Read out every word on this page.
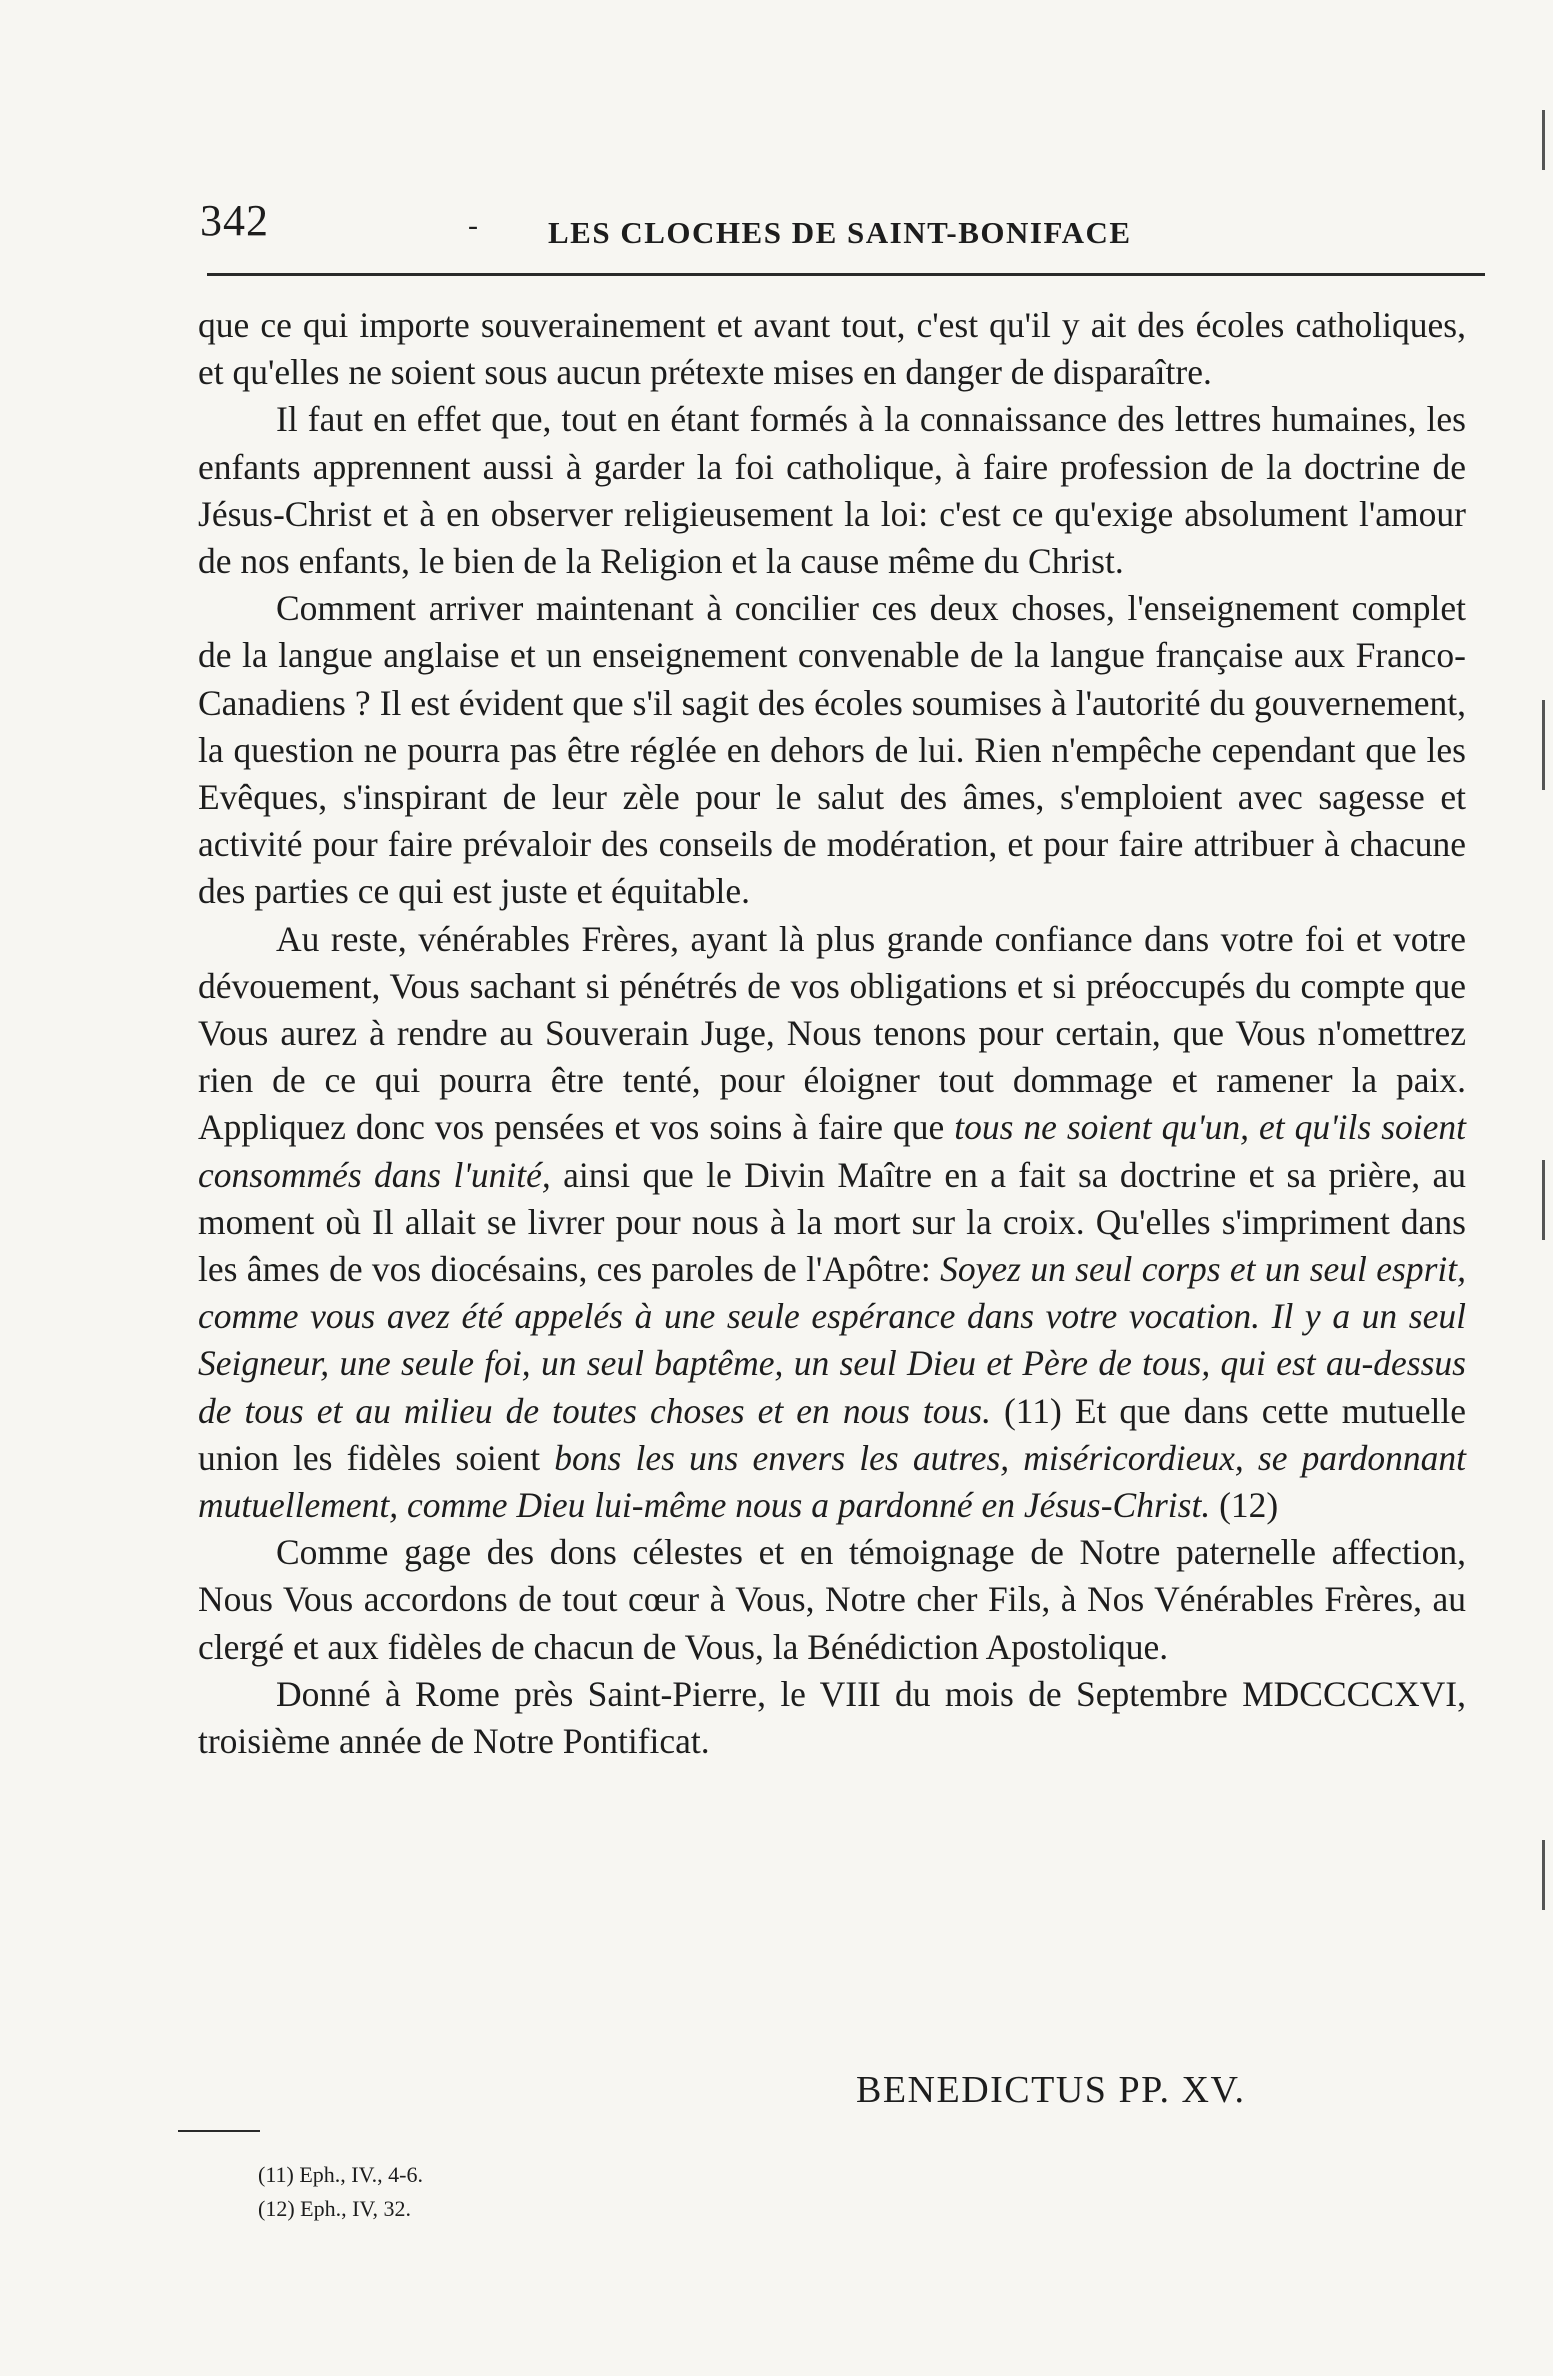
342	- LES CLOCHES DE SAINT-BONIFACE

que ce qui importe souverainement et avant tout, c'est qu'il y ait des écoles catholiques, et qu'elles ne soient sous aucun prétexte mises en danger de disparaître.

Il faut en effet que, tout en étant formés à la connaissance des lettres humaines, les enfants apprennent aussi à garder la foi catholique, à faire profession de la doctrine de Jésus-Christ et à en observer religieusement la loi: c'est ce qu'exige absolument l'amour de nos enfants, le bien de la Religion et la cause même du Christ.

Comment arriver maintenant à concilier ces deux choses, l'enseignement complet de la langue anglaise et un enseignement convenable de la langue française aux Franco-Canadiens ? Il est évident que s'il sagit des écoles soumises à l'autorité du gouvernement, la question ne pourra pas être réglée en dehors de lui. Rien n'empêche cependant que les Evêques, s'inspirant de leur zèle pour le salut des âmes, s'emploient avec sagesse et activité pour faire prévaloir des conseils de modération, et pour faire attribuer à chacune des parties ce qui est juste et équitable.

Au reste, vénérables Frères, ayant là plus grande confiance dans votre foi et votre dévouement, Vous sachant si pénétrés de vos obligations et si préoccupés du compte que Vous aurez à rendre au Souverain Juge, Nous tenons pour certain, que Vous n'omettrez rien de ce qui pourra être tenté, pour éloigner tout dommage et ramener la paix. Appliquez donc vos pensées et vos soins à faire que tous ne soient qu'un, et qu'ils soient consommés dans l'unité, ainsi que le Divin Maître en a fait sa doctrine et sa prière, au moment où Il allait se livrer pour nous à la mort sur la croix. Qu'elles s'impriment dans les âmes de vos diocésains, ces paroles de l'Apôtre: Soyez un seul corps et un seul esprit, comme vous avez été appelés à une seule espérance dans votre vocation. Il y a un seul Seigneur, une seule foi, un seul baptême, un seul Dieu et Père de tous, qui est au-dessus de tous et au milieu de toutes choses et en nous tous. (11) Et que dans cette mutuelle union les fidèles soient bons les uns envers les autres, miséricordieux, se pardonnant mutuellement, comme Dieu lui-même nous a pardonné en Jésus-Christ. (12)

Comme gage des dons célestes et en témoignage de Notre paternelle affection, Nous Vous accordons de tout cœur à Vous, Notre cher Fils, à Nos Vénérables Frères, au clergé et aux fidèles de chacun de Vous, la Bénédiction Apostolique.

Donné à Rome près Saint-Pierre, le VIII du mois de Septembre MDCCCCXVI, troisième année de Notre Pontificat.

BENEDICTUS PP. XV.
(11) Eph., IV., 4-6.
(12) Eph., IV, 32.
